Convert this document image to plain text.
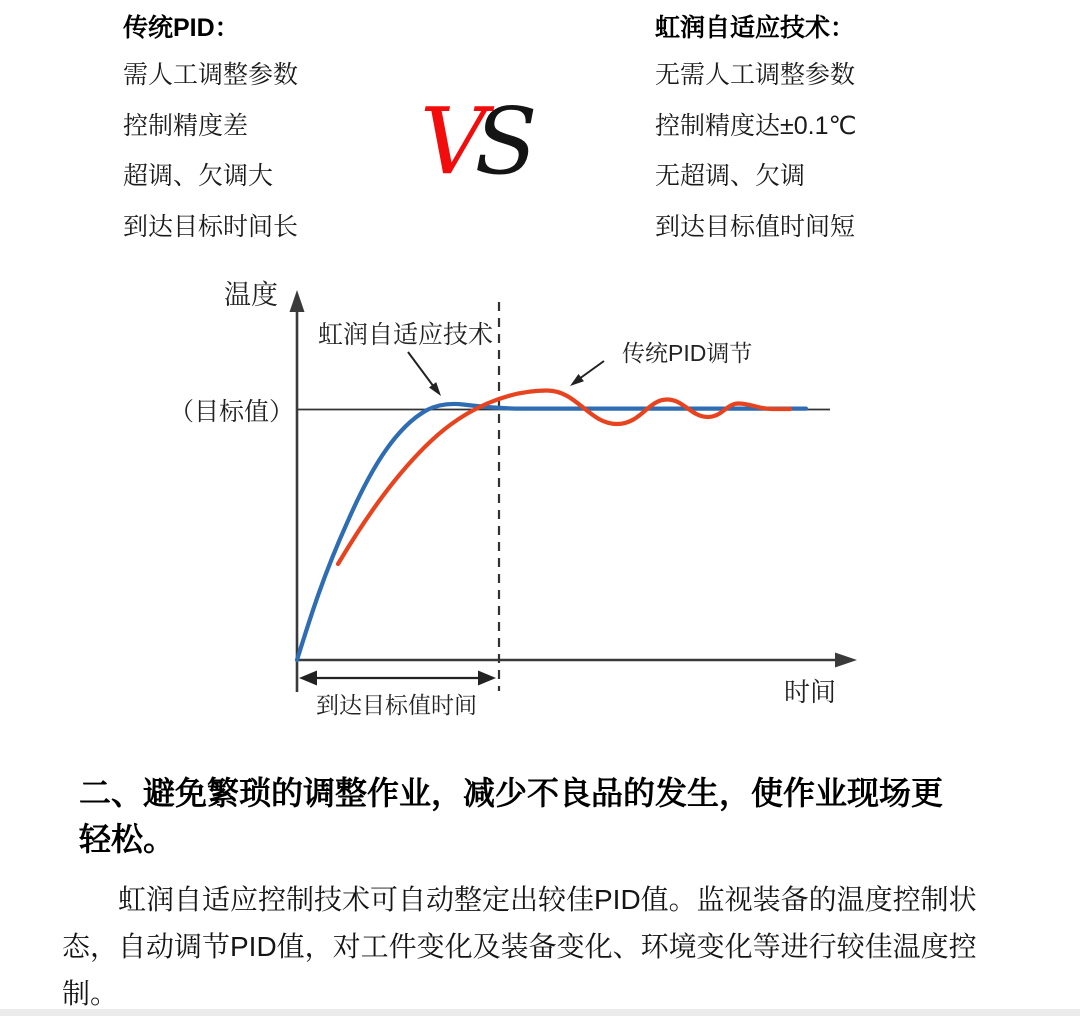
传统PID：
需人工调整参数
控制精度差
超调、欠调大
到达目标时间长
VS
虹润自适应技术：
无需人工调整参数
控制精度达±0.1℃
无超调、欠调
到达目标值时间短
虹润自适应技术
传统PID调节
温度
（目标值）
到达目标值时间	时间
二、避免繁琐的调整作业，减少不良品的发生，使作业现场更轻松。
虹润自适应控制技术可自动整定出较佳PID值。监视装备的温度控制状态，自动调节PID值，对工件变化及装备变化、环境变化等进行较佳温度控制。
